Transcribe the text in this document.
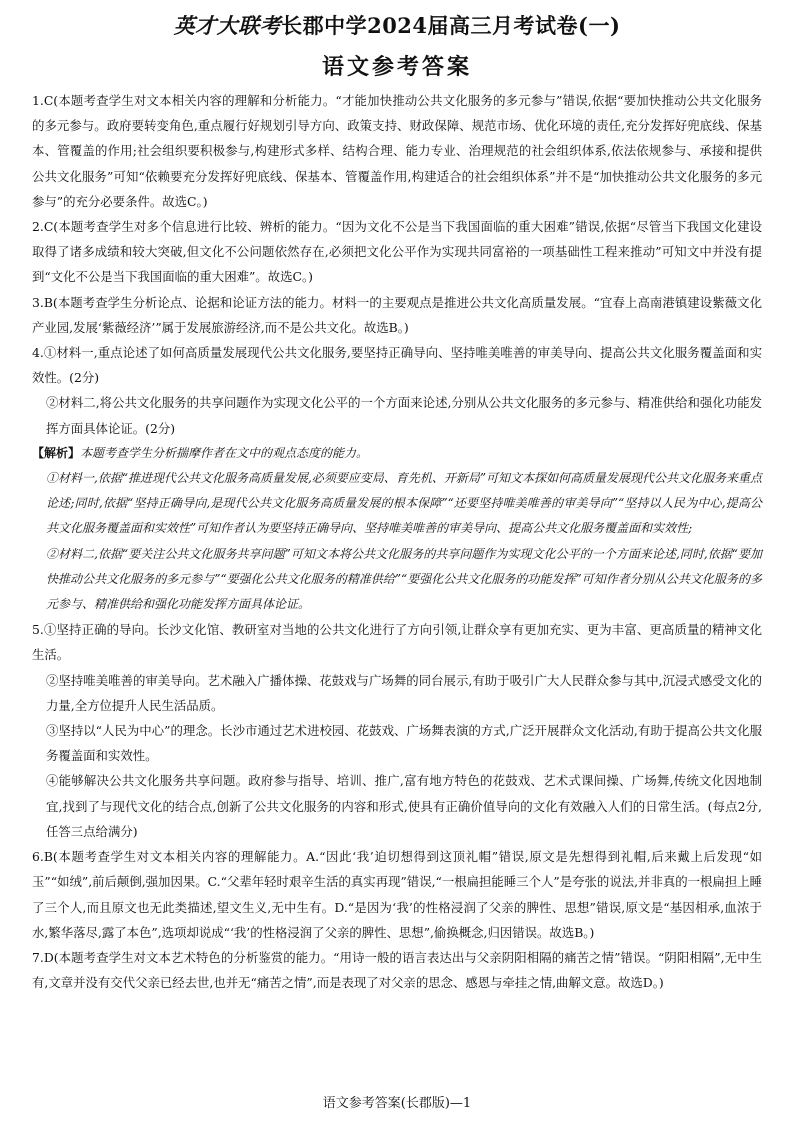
英才大联考长郡中学2024届高三月考试卷(一)
语文参考答案

1.C(本题考查学生对文本相关内容的理解和分析能力。“才能加快推动公共文化服务的多元参与”错误,依据“要加快推动公共文化服务的多元参与。政府要转变角色,重点履行好规划引导方向、政策支持、财政保障、规范市场、优化环境的责任,充分发挥好兜底线、保基本、管覆盖的作用;社会组织要积极参与,构建形式多样、结构合理、能力专业、治理规范的社会组织体系,依法依规参与、承接和提供公共文化服务”可知“依赖要充分发挥好兜底线、保基本、管覆盖作用,构建适合的社会组织体系”并不是“加快推动公共文化服务的多元参与”的充分必要条件。故选C。)

2.C(本题考查学生对多个信息进行比较、辨析的能力。“因为文化不公是当下我国面临的重大困难”错误,依据“尽管当下我国文化建设取得了诸多成绩和较大突破,但文化不公问题依然存在,必须把文化公平作为实现共同富裕的一项基础性工程来推动”可知文中并没有提到“文化不公是当下我国面临的重大困难”。故选C。)

3.B(本题考查学生分析论点、论据和论证方法的能力。材料一的主要观点是推进公共文化高质量发展。“宜春上高南港镇建设紫薇文化产业园,发展‘紫薇经济’”属于发展旅游经济,而不是公共文化。故选B。)

4.①材料一,重点论述了如何高质量发展现代公共文化服务,要坚持正确导向、坚持唯美唯善的审美导向、提高公共文化服务覆盖面和实效性。(2分)

②材料二,将公共文化服务的共享问题作为实现文化公平的一个方面来论述,分别从公共文化服务的多元参与、精准供给和强化功能发挥方面具体论证。(2分)

【解析】本题考查学生分析揣摩作者在文中的观点态度的能力。

①材料一,依据“推进现代公共文化服务高质量发展,必须要应变局、育先机、开新局”可知文本探如何高质量发展现代公共文化服务来重点论述;同时,依据“坚持正确导向,是现代公共文化服务高质量发展的根本保障”“还要坚持唯美唯善的审美导向”“坚持以人民为中心,提高公共文化服务覆盖面和实效性”可知作者认为要坚持正确导向、坚持唯美唯善的审美导向、提高公共文化服务覆盖面和实效性;

②材料二,依据“要关注公共文化服务共享问题”可知文本将公共文化服务的共享问题作为实现文化公平的一个方面来论述,同时,依据“要加快推动公共文化服务的多元参与”“要强化公共文化服务的精准供给”“要强化公共文化服务的功能发挥”可知作者分别从公共文化服务的多元参与、精准供给和强化功能发挥方面具体论证。

5.①坚持正确的导向。长沙文化馆、教研室对当地的公共文化进行了方向引领,让群众享有更加充实、更为丰富、更高质量的精神文化生活。

②坚持唯美唯善的审美导向。艺术融入广播体操、花鼓戏与广场舞的同台展示,有助于吸引广大人民群众参与其中,沉浸式感受文化的力量,全方位提升人民生活品质。

③坚持以“人民为中心”的理念。长沙市通过艺术进校园、花鼓戏、广场舞表演的方式,广泛开展群众文化活动,有助于提高公共文化服务覆盖面和实效性。

④能够解决公共文化服务共享问题。政府参与指导、培训、推广,富有地方特色的花鼓戏、艺术式课间操、广场舞,传统文化因地制宜,找到了与现代文化的结合点,创新了公共文化服务的内容和形式,使具有正确价值导向的文化有效融入人们的日常生活。(每点2分,任答三点给满分)

6.B(本题考查学生对文本相关内容的理解能力。A.“因此‘我’迫切想得到这顶礼帽”错误,原文是先想得到礼帽,后来戴上后发现“如玉”“如绒”,前后颠倒,强加因果。C.“父辈年轻时艰辛生活的真实再现”错误,“一根扁担能睡三个人”是夸张的说法,并非真的一根扁担上睡了三个人,而且原文也无此类描述,望文生义,无中生有。D.“是因为‘我’的性格浸润了父亲的脾性、思想”错误,原文是“基因相承,血浓于水,繁华落尽,露了本色”,选项却说成“‘我’的性格浸润了父亲的脾性、思想”,偷换概念,归因错误。故选B。)

7.D(本题考查学生对文本艺术特色的分析鉴赏的能力。“用诗一般的语言表达出与父亲阴阳相隔的痛苦之情”错误。“阴阳相隔”,无中生有,文章并没有交代父亲已经去世,也并无“痛苦之情”,而是表现了对父亲的思念、感恩与牵挂之情,曲解文意。故选D。)

语文参考答案(长郡版)—1
